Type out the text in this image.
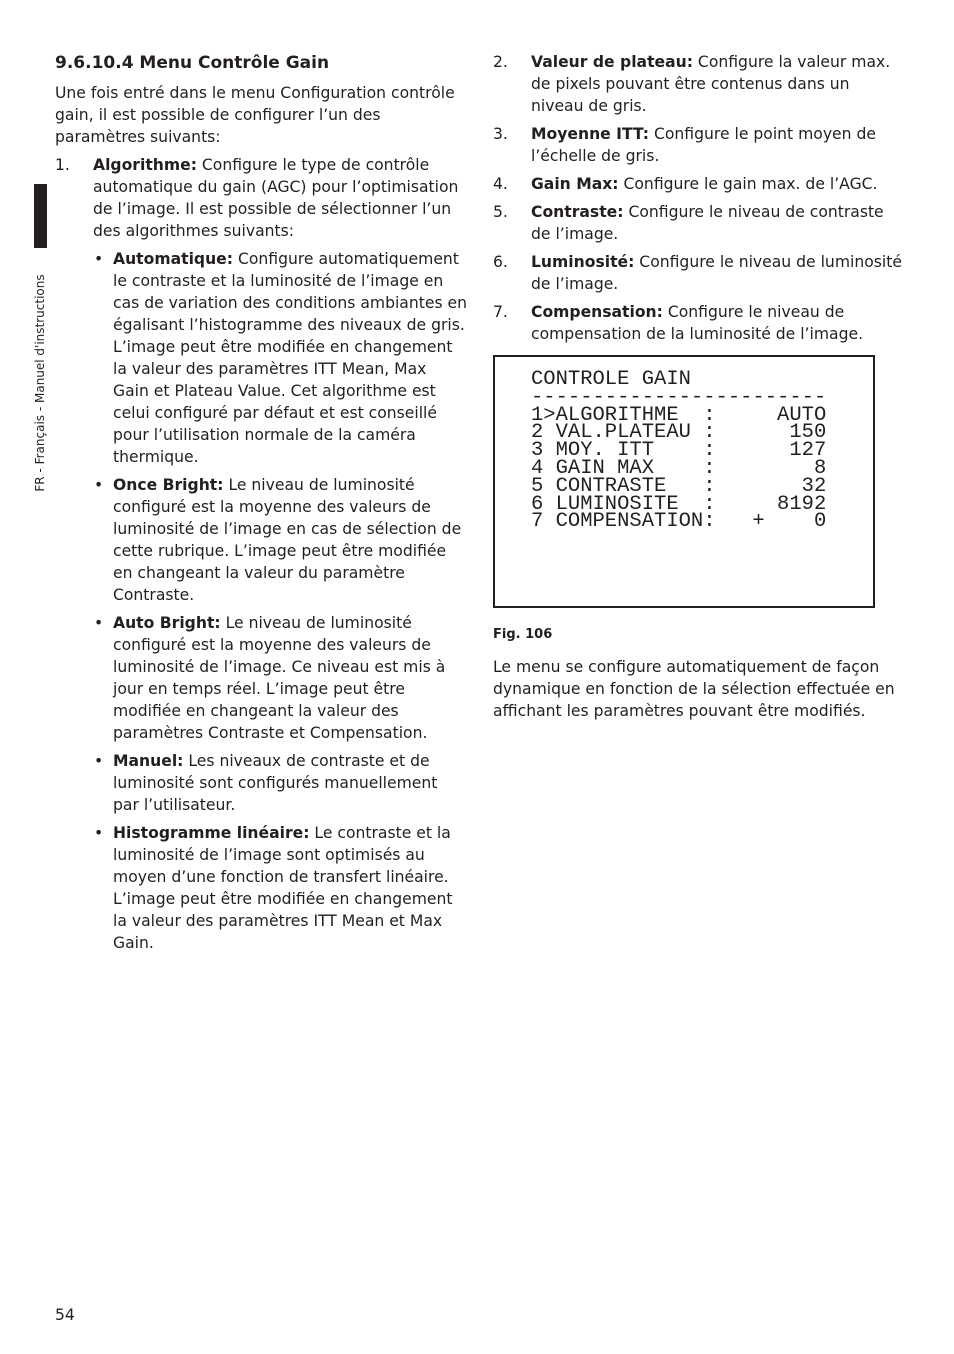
FR - Français - Manuel d'instructions
9.6.10.4 Menu Contrôle Gain

Une fois entré dans le menu Configuration contrôle gain, il est possible de configurer l’un des paramètres suivants:

1. Algorithme: Configure le type de contrôle automatique du gain (AGC) pour l’optimisation de l’image. Il est possible de sélectionner l’un des algorithmes suivants:
• Automatique: Configure automatiquement le contraste et la luminosité de l’image en cas de variation des conditions ambiantes en égalisant l’histogramme des niveaux de gris. L’image peut être modifiée en changement la valeur des paramètres ITT Mean, Max Gain et Plateau Value. Cet algorithme est celui configuré par défaut et est conseillé pour l’utilisation normale de la caméra thermique.
• Once Bright: Le niveau de luminosité configuré est la moyenne des valeurs de luminosité de l’image en cas de sélection de cette rubrique. L’image peut être modifiée en changeant la valeur du paramètre Contraste.
• Auto Bright: Le niveau de luminosité configuré est la moyenne des valeurs de luminosité de l’image. Ce niveau est mis à jour en temps réel. L’image peut être modifiée en changeant la valeur des paramètres Contraste et Compensation.
• Manuel: Les niveaux de contraste et de luminosité sont configurés manuellement par l’utilisateur.
• Histogramme linéaire: Le contraste et la luminosité de l’image sont optimisés au moyen d’une fonction de transfert linéaire. L’image peut être modifiée en changement la valeur des paramètres ITT Mean et Max Gain.
2. Valeur de plateau: Configure la valeur max. de pixels pouvant être contenus dans un niveau de gris.
3. Moyenne ITT: Configure le point moyen de l’échelle de gris.
4. Gain Max: Configure le gain max. de l’AGC.
5. Contraste: Configure le niveau de contraste de l’image.
6. Luminosité: Configure le niveau de luminosité de l’image.
7. Compensation: Configure le niveau de compensation de la luminosité de l’image.
CONTROLE GAIN
------------------------
1>ALGORITHME  :     AUTO
2 VAL.PLATEAU :      150
3 MOY. ITT    :      127
4 GAIN MAX    :        8
5 CONTRASTE   :       32
6 LUMINOSITE  :     8192
7 COMPENSATION:   +    0
Fig. 106

Le menu se configure automatiquement de façon dynamique en fonction de la sélection effectuée en affichant les paramètres pouvant être modifiés.

54
